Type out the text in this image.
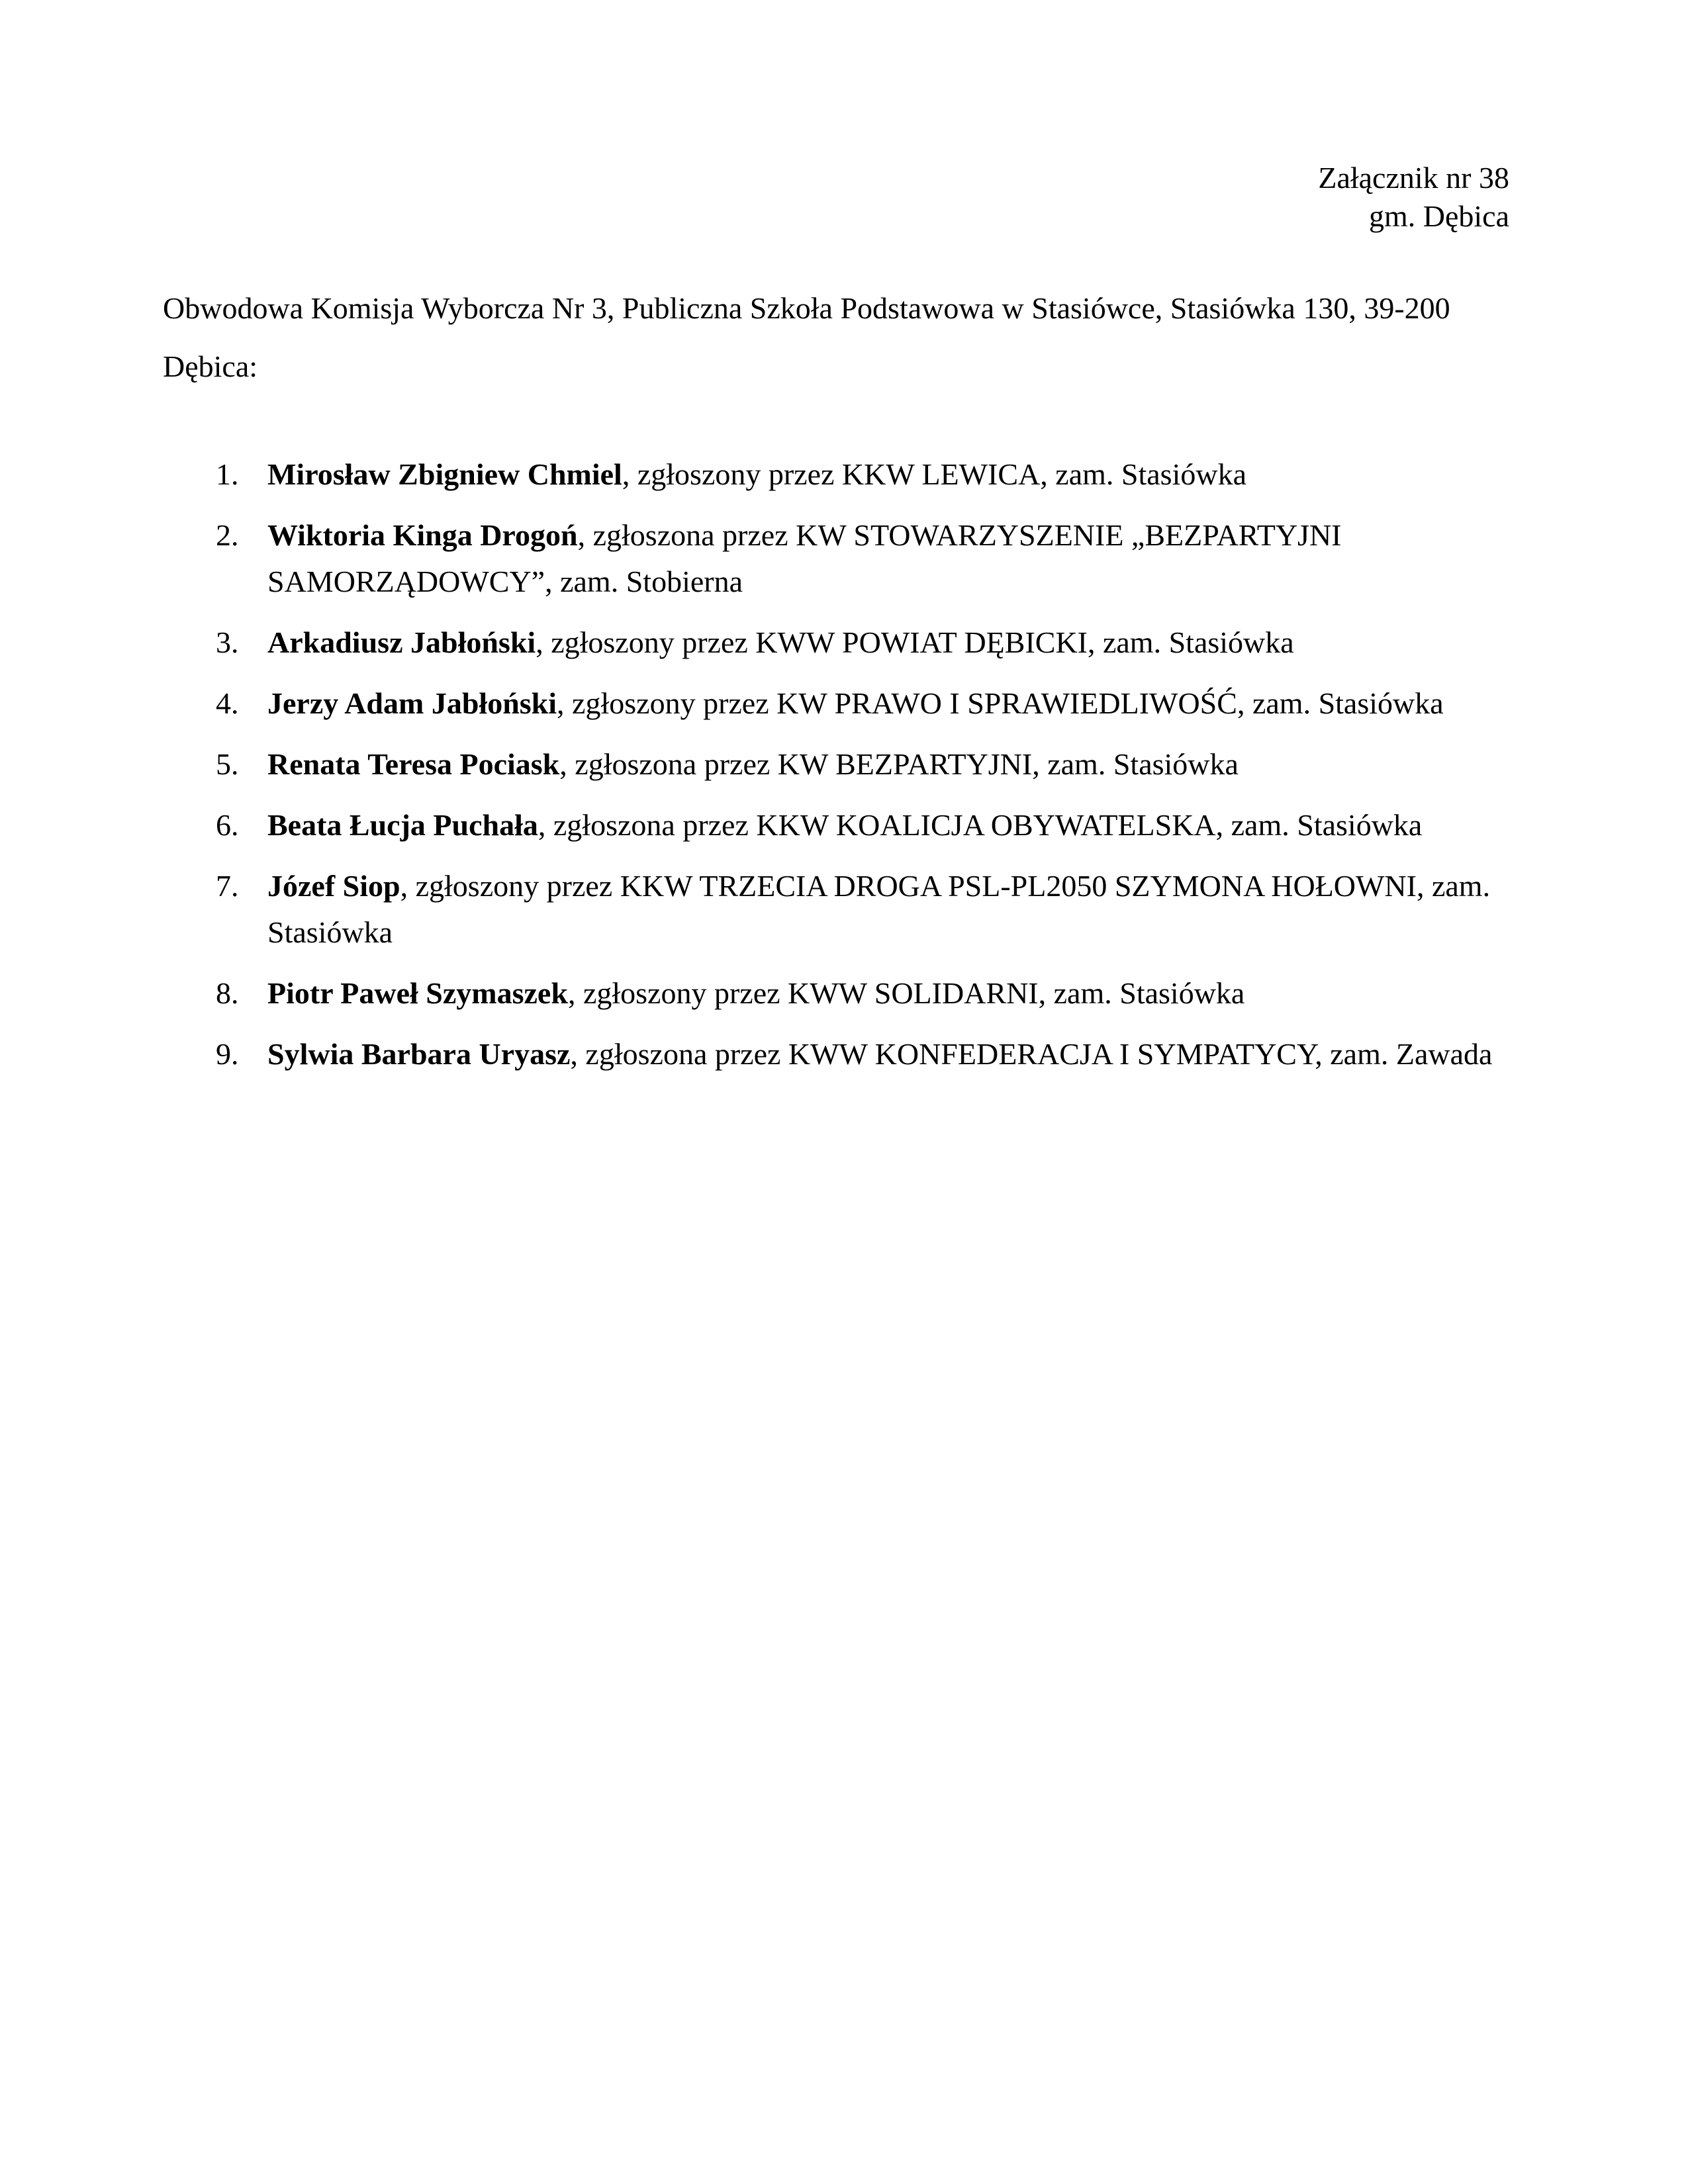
Załącznik nr 38
gm. Dębica
Obwodowa Komisja Wyborcza Nr 3, Publiczna Szkoła Podstawowa w Stasiówce, Stasiówka 130, 39-200 Dębica:
1. Mirosław Zbigniew Chmiel, zgłoszony przez KKW LEWICA, zam. Stasiówka
2. Wiktoria Kinga Drogoń, zgłoszona przez KW STOWARZYSZENIE „BEZPARTYJNI SAMORZĄDOWCY”, zam. Stobierna
3. Arkadiusz Jabłoński, zgłoszony przez KWW POWIAT DĘBICKI, zam. Stasiówka
4. Jerzy Adam Jabłoński, zgłoszony przez KW PRAWO I SPRAWIEDLIWOŚĆ, zam. Stasiówka
5. Renata Teresa Pociask, zgłoszona przez KW BEZPARTYJNI, zam. Stasiówka
6. Beata Łucja Puchała, zgłoszona przez KKW KOALICJA OBYWATELSKA, zam. Stasiówka
7. Józef Siop, zgłoszony przez KKW TRZECIA DROGA PSL-PL2050 SZYMONA HOŁOWNI, zam. Stasiówka
8. Piotr Paweł Szymaszek, zgłoszony przez KWW SOLIDARNI, zam. Stasiówka
9. Sylwia Barbara Uryasz, zgłoszona przez KWW KONFEDERACJA I SYMPATYCY, zam. Zawada
